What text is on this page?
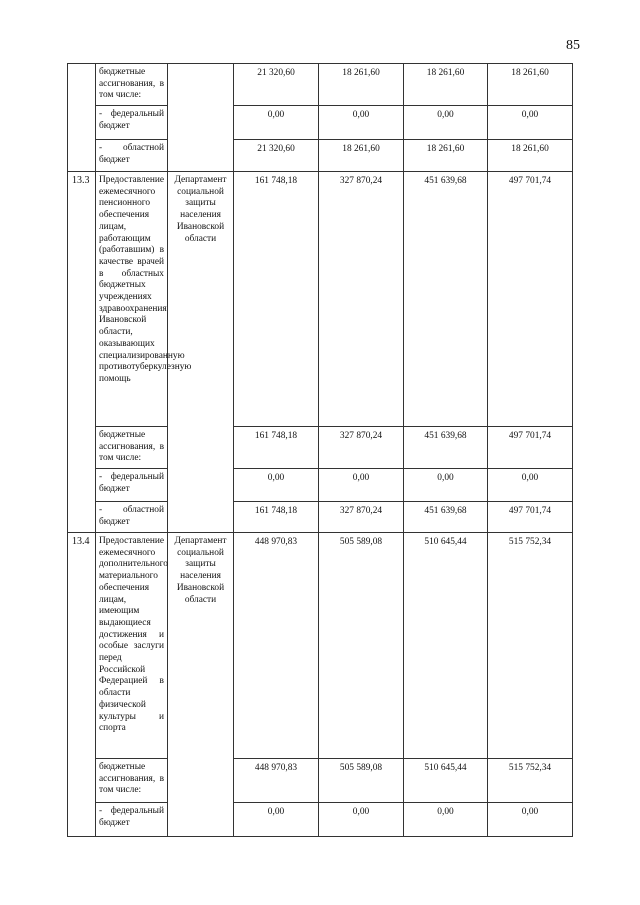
85
	бюджетные ассигнования, в том числе:		21 320,60	18 261,60	18 261,60	18 261,60
	- федеральный бюджет		0,00	0,00	0,00	0,00
	- областной бюджет		21 320,60	18 261,60	18 261,60	18 261,60
13.3	Предоставление ежемесячного пенсионного обеспечения лицам, работающим (работавшим) в качестве врачей в областных бюджетных учреждениях здравоохранения Ивановской области, оказывающих специализированную противотуберкулезную помощь	Департамент социальной защиты населения Ивановской области	161 748,18	327 870,24	451 639,68	497 701,74
	бюджетные ассигнования, в том числе:		161 748,18	327 870,24	451 639,68	497 701,74
	- федеральный бюджет		0,00	0,00	0,00	0,00
	- областной бюджет		161 748,18	327 870,24	451 639,68	497 701,74
13.4	Предоставление ежемесячного дополнительного материального обеспечения лицам, имеющим выдающиеся достижения и особые заслуги перед Российской Федерацией в области физической культуры и спорта	Департамент социальной защиты населения Ивановской области	448 970,83	505 589,08	510 645,44	515 752,34
	бюджетные ассигнования, в том числе:		448 970,83	505 589,08	510 645,44	515 752,34
	- федеральный бюджет		0,00	0,00	0,00	0,00
